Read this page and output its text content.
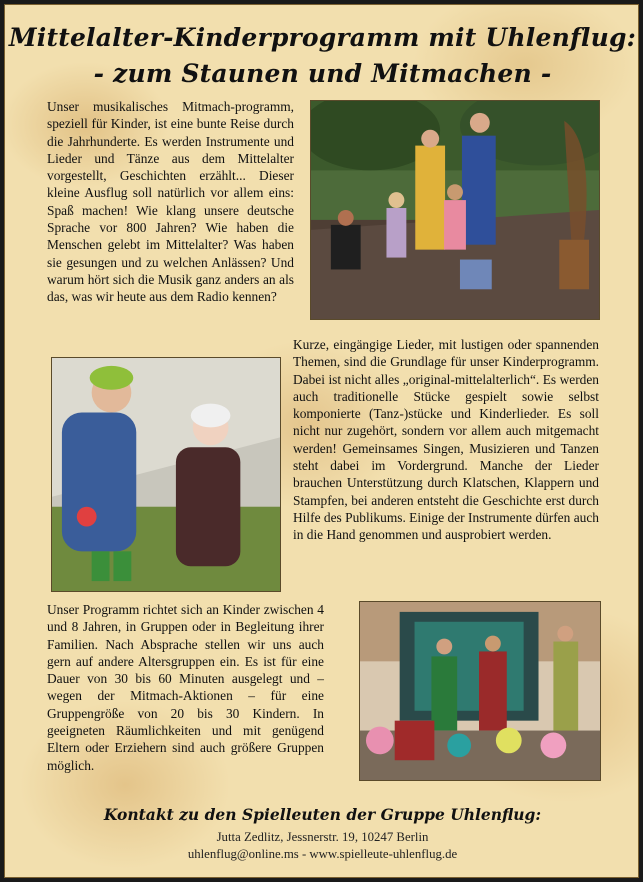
Mittelalter-Kinderprogramm mit Uhlenflug:
- zum Staunen und Mitmachen -
Unser musikalisches Mitmach-programm, speziell für Kinder, ist eine bunte Reise durch die Jahrhunderte. Es werden Instrumente und Lieder und Tänze aus dem Mittelalter vorgestellt, Geschichten erzählt... Dieser kleine Ausflug soll natürlich vor allem eins: Spaß machen! Wie klang unsere deutsche Sprache vor 800 Jahren? Wie haben die Menschen gelebt im Mittelalter? Was haben sie gesungen und zu welchen Anlässen? Und warum hört sich die Musik ganz anders an als das, was wir heute aus dem Radio kennen?
Kurze, eingängige Lieder, mit lustigen oder spannenden Themen, sind die Grundlage für unser Kinderprogramm. Dabei ist nicht alles „original-mittelalterlich“. Es werden auch traditionelle Stücke gespielt sowie selbst komponierte (Tanz-)stücke und Kinderlieder. Es soll nicht nur zugehört, sondern vor allem auch mitgemacht werden! Gemeinsames Singen, Musizieren und Tanzen steht dabei im Vordergrund. Manche der Lieder brauchen Unterstützung durch Klatschen, Klappern und Stampfen, bei anderen entsteht die Geschichte erst durch Hilfe des Publikums. Einige der Instrumente dürfen auch in die Hand genommen und ausprobiert werden.
Unser Programm richtet sich an Kinder zwischen 4 und 8 Jahren, in Gruppen oder in Begleitung ihrer Familien. Nach Absprache stellen wir uns auch gern auf andere Altersgruppen ein. Es ist für eine Dauer von 30 bis 60 Minuten ausgelegt und – wegen der Mitmach-Aktionen – für eine Gruppengröße von 20 bis 30 Kindern. In geeigneten Räumlichkeiten und mit genügend Eltern oder Erziehern sind auch größere Gruppen möglich.
Kontakt zu den Spielleuten der Gruppe Uhlenflug:
Jutta Zedlitz, Jessnerstr. 19, 10247 Berlin
uhlenflug@online.ms - www.spielleute-uhlenflug.de
